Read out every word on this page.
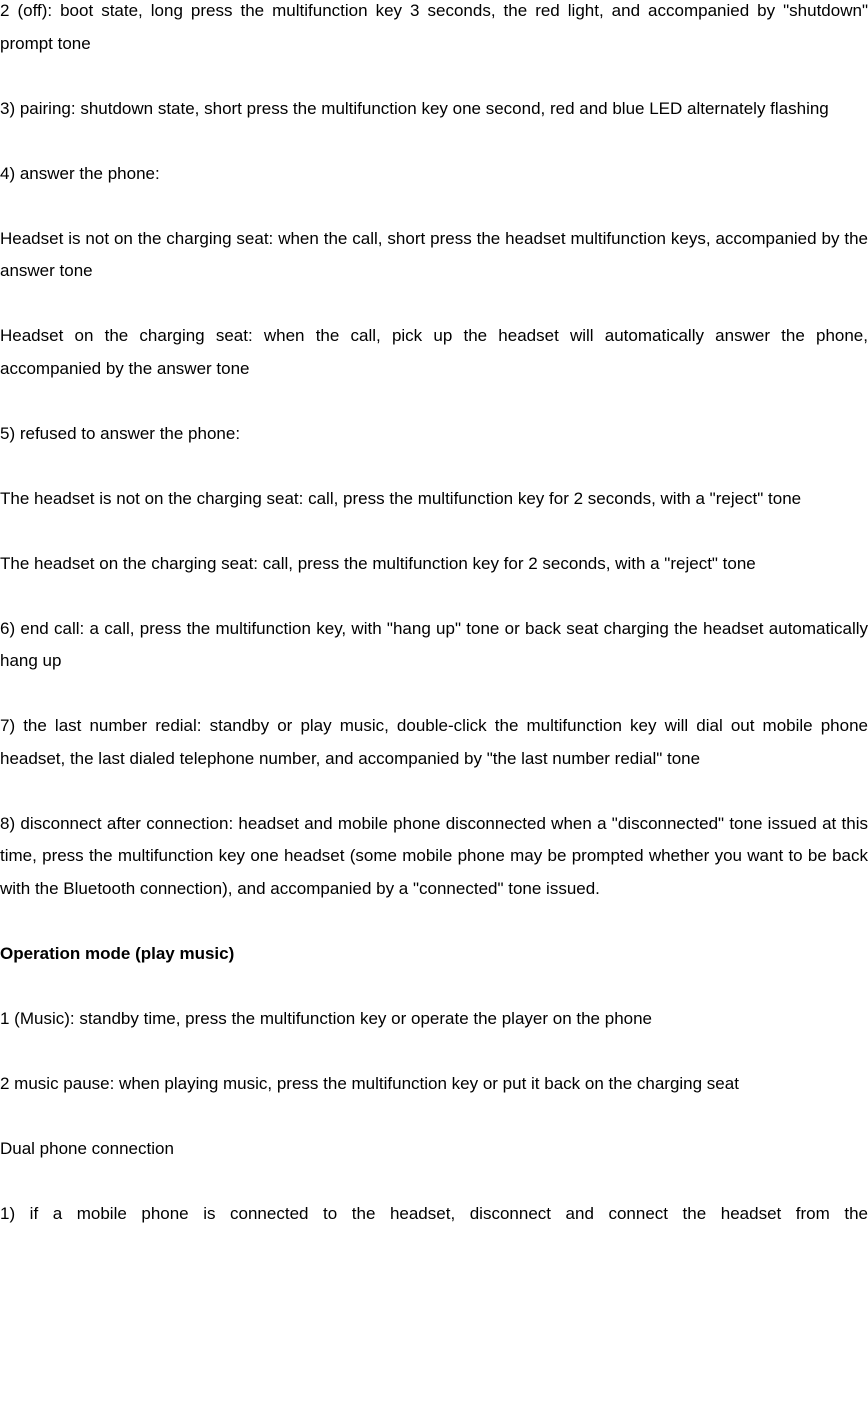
2 (off): boot state, long press the multifunction key 3 seconds, the red light, and accompanied by "shutdown" prompt tone

3) pairing: shutdown state, short press the multifunction key one second, red and blue LED alternately flashing

4) answer the phone:

Headset is not on the charging seat: when the call, short press the headset multifunction keys, accompanied by the answer tone

Headset on the charging seat: when the call, pick up the headset will automatically answer the phone, accompanied by the answer tone

5) refused to answer the phone:

The headset is not on the charging seat: call, press the multifunction key for 2 seconds, with a "reject" tone

The headset on the charging seat: call, press the multifunction key for 2 seconds, with a "reject" tone

6) end call: a call, press the multifunction key, with "hang up" tone or back seat charging the headset automatically hang up

7) the last number redial: standby or play music, double-click the multifunction key will dial out mobile phone headset, the last dialed telephone number, and accompanied by "the last number redial" tone

8) disconnect after connection: headset and mobile phone disconnected when a "disconnected" tone issued at this time, press the multifunction key one headset (some mobile phone may be prompted whether you want to be back with the Bluetooth connection), and accompanied by a "connected" tone issued.

Operation mode (play music)

1 (Music): standby time, press the multifunction key or operate the player on the phone

2 music pause: when playing music, press the multifunction key or put it back on the charging seat

Dual phone connection

1) if a mobile phone is connected to the headset, disconnect and connect the headset from the
